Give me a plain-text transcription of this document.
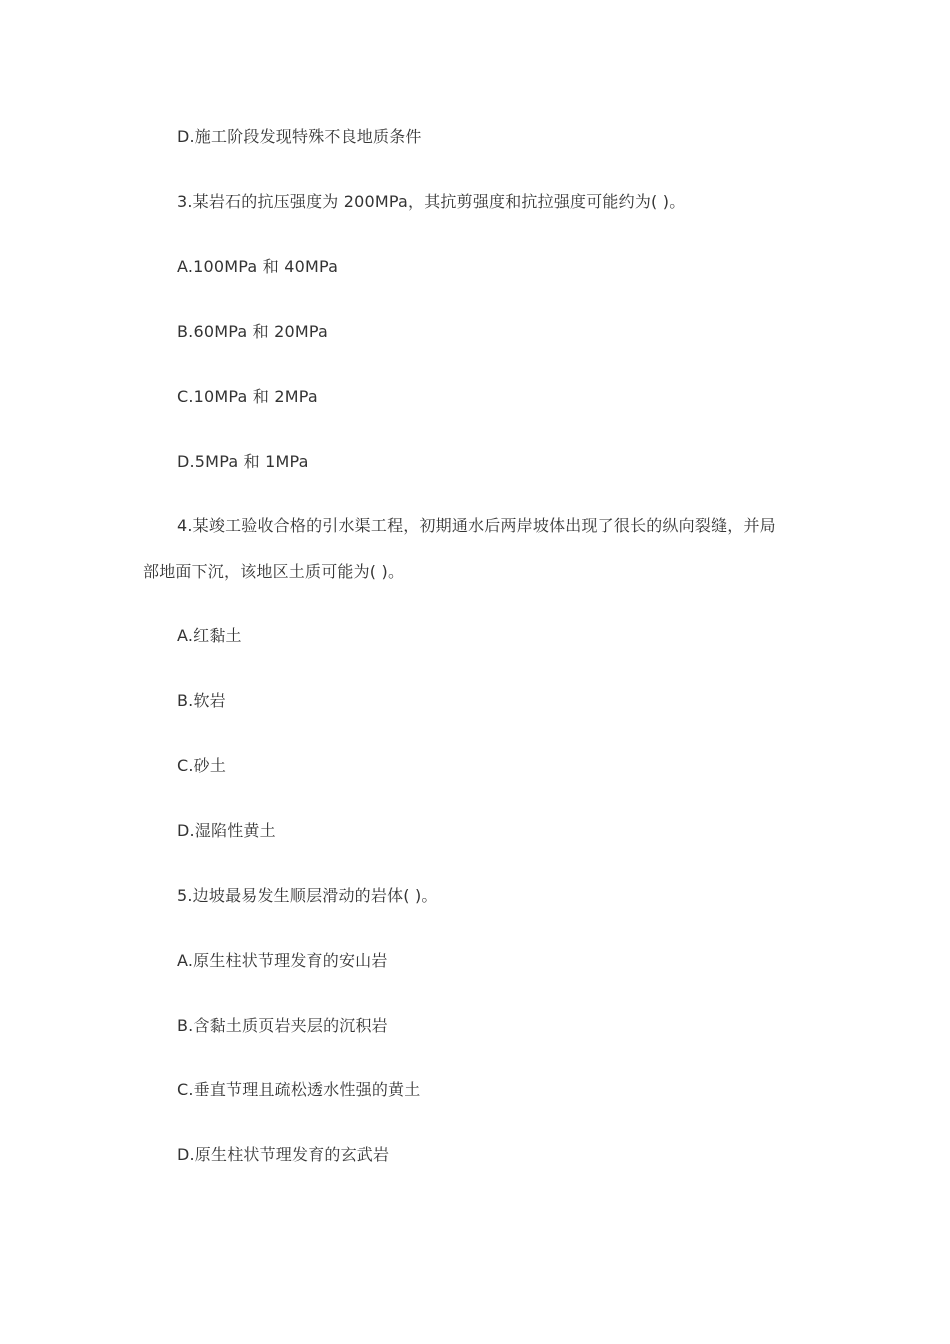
D.施工阶段发现特殊不良地质条件
3.某岩石的抗压强度为 200MPa，其抗剪强度和抗拉强度可能约为( )。
A.100MPa 和 40MPa
B.60MPa 和 20MPa
C.10MPa 和 2MPa
D.5MPa 和 1MPa
4.某竣工验收合格的引水渠工程，初期通水后两岸坡体出现了很长的纵向裂缝，并局
部地面下沉，该地区土质可能为( )。
A.红黏土
B.软岩
C.砂土
D.湿陷性黄土
5.边坡最易发生顺层滑动的岩体( )。
A.原生柱状节理发育的安山岩
B.含黏土质页岩夹层的沉积岩
C.垂直节理且疏松透水性强的黄土
D.原生柱状节理发育的玄武岩
